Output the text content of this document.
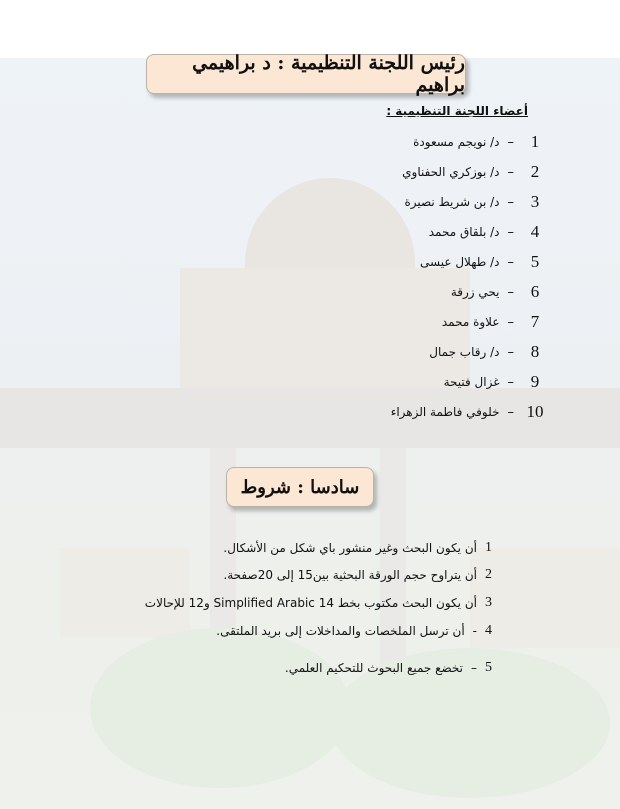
رئيس اللجنة التنظيمية : د براهيمي براهيم
أعضاء اللجنة التنظيمية :
1
–
د/ نويجم مسعودة
2
–
د/ بوزكري الحفناوي
3
–
د/ بن شريط نصيرة
4
–
د/ بلقاق محمد
5
–
د/ طهلال عيسى
6
–
يحي زرقة
7
–
علاوة محمد
8
–
د/ رقاب جمال
9
–
غزال فتيحة
10
–
خلوفي فاطمة الزهراء
سادسا : شروط
1
أن يكون البحث وغير منشور باي شكل من الأشكال.
2
أن يتراوح حجم الورقة البحثية بين15 إلى 20صفحة.
3
أن يكون البحث مكتوب بخط 14 Simplified Arabic و12 للإحالات
4
-
أن ترسل الملخصات والمداخلات إلى بريد الملتقى.
5
–
تخضع جميع البحوث للتحكيم العلمي.
